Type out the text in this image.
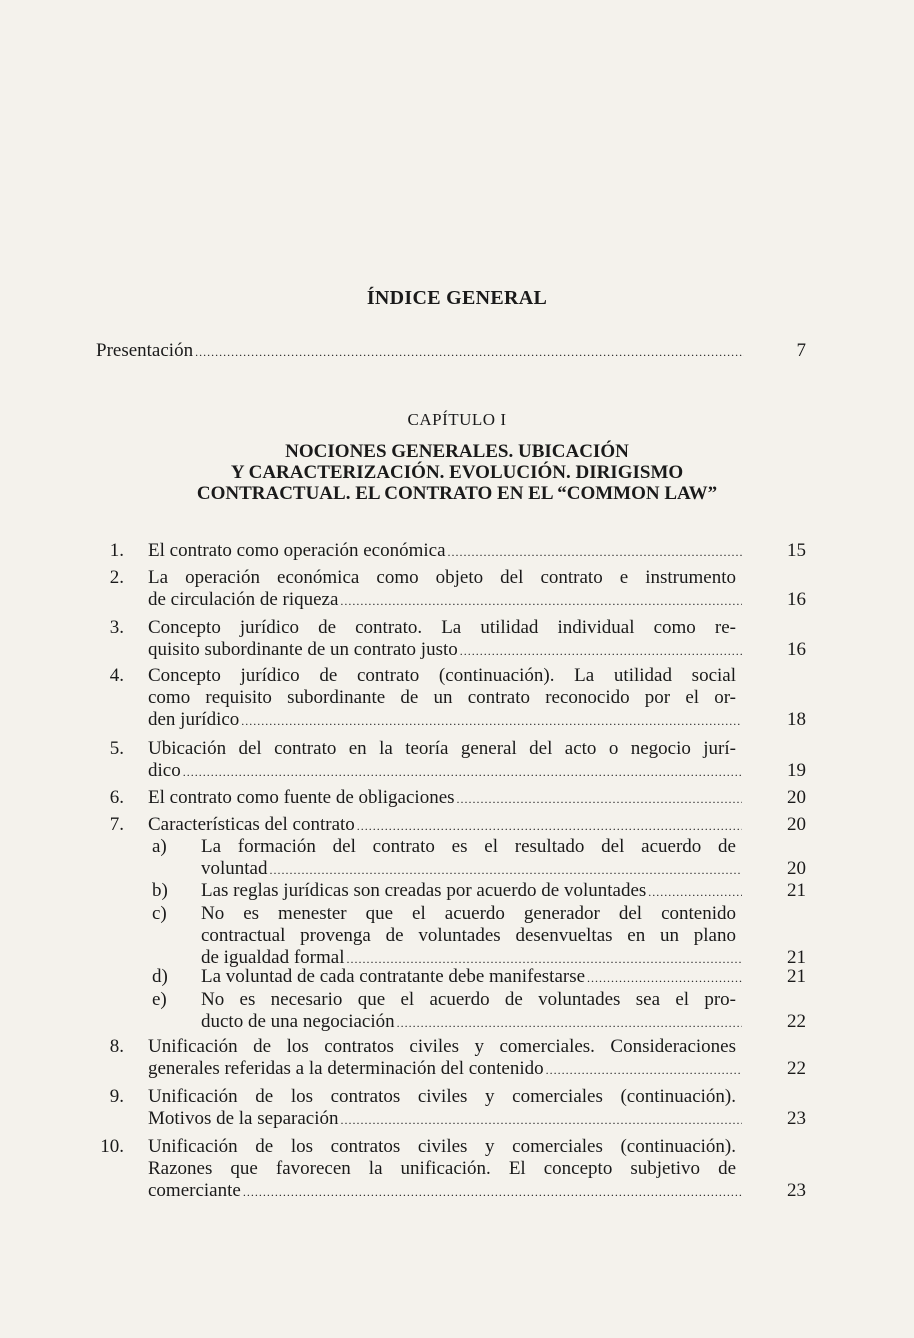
ÍNDICE GENERAL
Presentación .....	7
CAPÍTULO I
NOCIONES GENERALES. UBICACIÓN
Y CARACTERIZACIÓN. EVOLUCIÓN. DIRIGISMO
CONTRACTUAL. EL CONTRATO EN EL “COMMON LAW”
1. El contrato como operación económica .....	15
2. La operación económica como objeto del contrato e instrumento
de circulación de riqueza .....	16
3. Concepto jurídico de contrato. La utilidad individual como re-
quisito subordinante de un contrato justo .....	16
4. Concepto jurídico de contrato (continuación). La utilidad social
como requisito subordinante de un contrato reconocido por el or-
den jurídico .....	18
5. Ubicación del contrato en la teoría general del acto o negocio jurí-
dico .....	19
6. El contrato como fuente de obligaciones .....	20
7. Características del contrato .....	20
a)	La formación del contrato es el resultado del acuerdo de
voluntad .....	20
b)	Las reglas jurídicas son creadas por acuerdo de voluntades .....	21
c)	No es menester que el acuerdo generador del contenido
contractual provenga de voluntades desenvueltas en un plano
de igualdad formal .....	21
d)	La voluntad de cada contratante debe manifestarse .....	21
e)	No es necesario que el acuerdo de voluntades sea el pro-
ducto de una negociación .....	22
8. Unificación de los contratos civiles y comerciales. Consideraciones
generales referidas a la determinación del contenido .....	22
9. Unificación de los contratos civiles y comerciales (continuación).
Motivos de la separación .....	23
10. Unificación de los contratos civiles y comerciales (continuación).
Razones que favorecen la unificación. El concepto subjetivo de
comerciante .....	23
